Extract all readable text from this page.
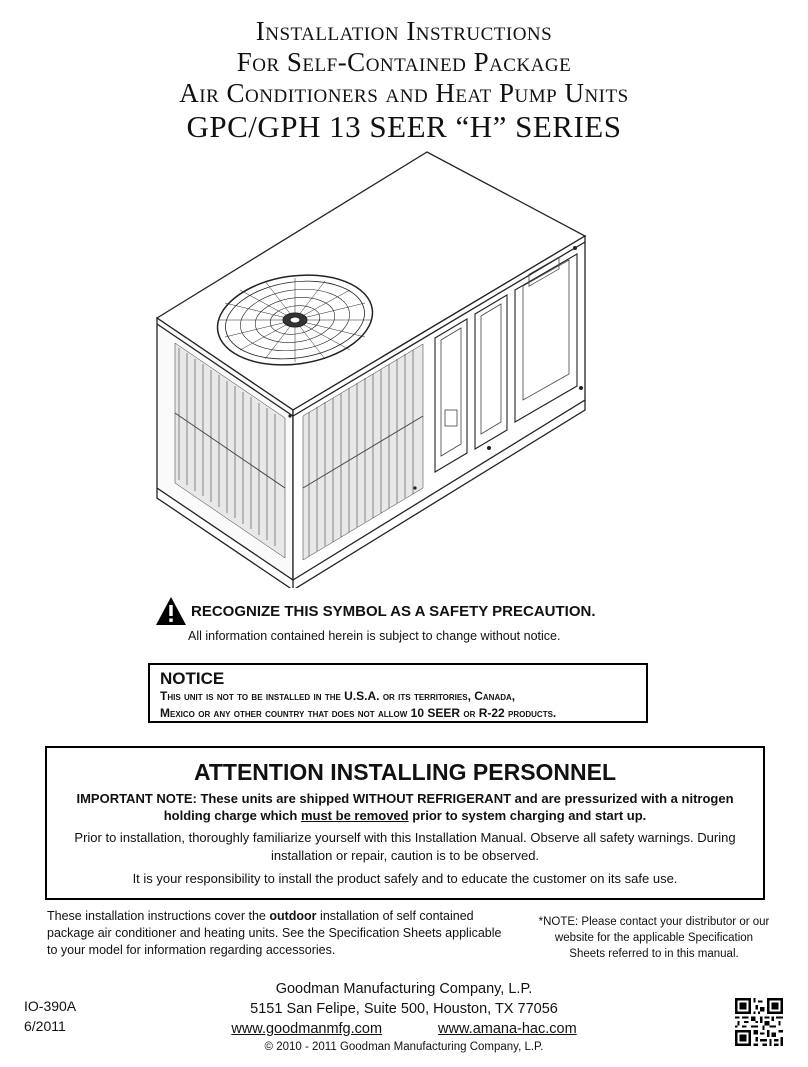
Installation Instructions
For Self-Contained Package
Air Conditioners and Heat Pump Units
GPC/GPH 13 SEER “H” SERIES
RECOGNIZE THIS SYMBOL AS A SAFETY PRECAUTION.
All information contained herein is subject to change without notice.
NOTICE
This unit is not to be installed in the U.S.A. or its territories, Canada,
Mexico or any other country that does not allow 10 SEER or R-22 products.
ATTENTION INSTALLING PERSONNEL
IMPORTANT NOTE: These units are shipped WITHOUT REFRIGERANT and are pressurized with a nitrogen holding charge which must be removed prior to system charging and start up.
Prior to installation, thoroughly familiarize yourself with this Installation Manual. Observe all safety warnings. During installation or repair, caution is to be observed.
It is your responsibility to install the product safely and to educate the customer on its safe use.
These installation instructions cover the outdoor installation of self contained package air conditioner and heating units. See the Specification Sheets applicable to your model for information regarding accessories.
*NOTE: Please contact your distributor or our website for the applicable Specification Sheets referred to in this manual.
Goodman Manufacturing Company, L.P.
5151 San Felipe, Suite 500, Houston, TX 77056
www.goodmanmfg.com	www.amana-hac.com
© 2010 - 2011 Goodman Manufacturing Company, L.P.
IO-390A
6/2011
